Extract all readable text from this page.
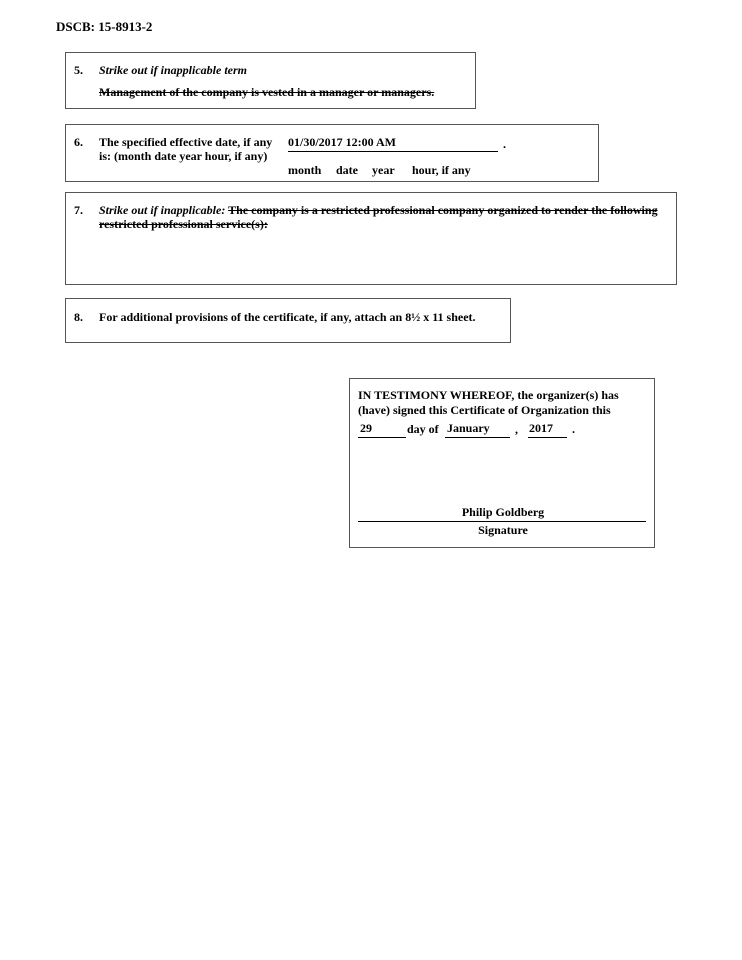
DSCB: 15-8913-2
5. Strike out if inapplicable term
Management of the company is vested in a manager or managers.
6. The specified effective date, if any
is: (month date year hour, if any)
01/30/2017 12:00 AM	.
month date year hour, if any
7. Strike out if inapplicable: The company is a restricted professional company organized to render the following
restricted professional service(s):
8. For additional provisions of the certificate, if any, attach an 8½ x 11 sheet.
IN TESTIMONY WHEREOF, the organizer(s) has
(have) signed this Certificate of Organization this
29	day of January , 2017 .
Philip Goldberg
Signature
